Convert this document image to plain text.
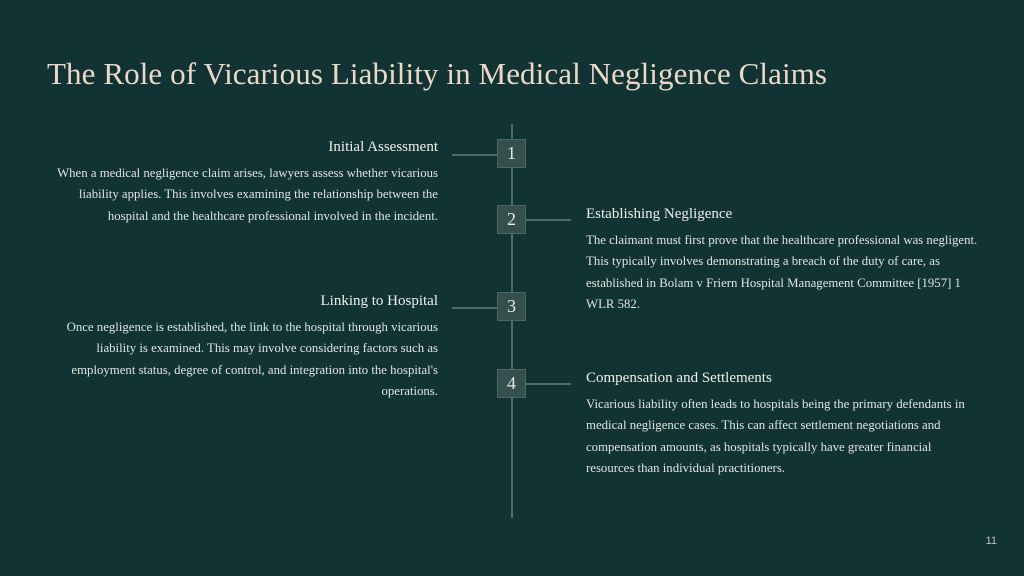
The Role of Vicarious Liability in Medical Negligence Claims
1
Initial Assessment

When a medical negligence claim arises, lawyers assess whether vicarious liability applies. This involves examining the relationship between the hospital and the healthcare professional involved in the incident.	2	Establishing Negligence

The claimant must first prove that the healthcare professional was negligent. This typically involves demonstrating a breach of the duty of care, as established in Bolam v Friern Hospital Management Committee [1957] 1 WLR 582.

3
Linking to Hospital

Once negligence is established, the link to the hospital through vicarious liability is examined. This may involve considering factors such as employment status, degree of control, and integration into the hospital's operations.	4	Compensation and Settlements

Vicarious liability often leads to hospitals being the primary defendants in medical negligence cases. This can affect settlement negotiations and compensation amounts, as hospitals typically have greater financial resources than individual practitioners.

11
